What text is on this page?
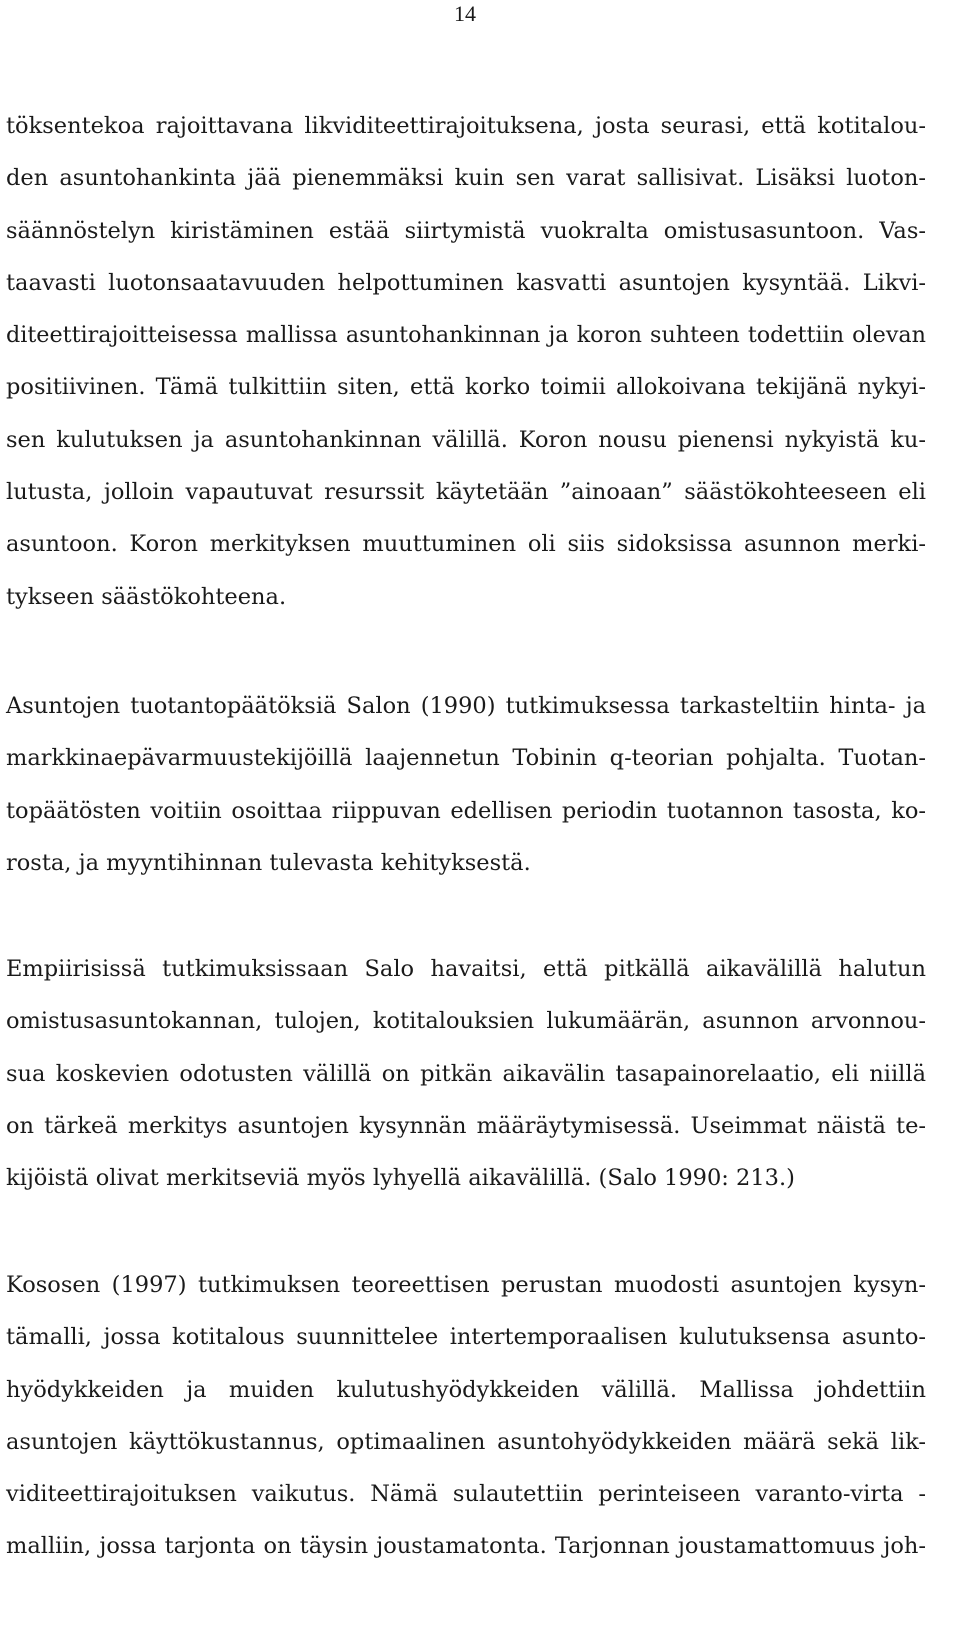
14
töksentekoa rajoittavana likviditeettirajoituksena, josta seurasi, että kotitalou-
den asuntohankinta jää pienemmäksi kuin sen varat sallisivat. Lisäksi luoton-
säännöstelyn kiristäminen estää siirtymistä vuokralta omistusasuntoon. Vas-
taavasti luotonsaatavuuden helpottuminen kasvatti asuntojen kysyntää. Likvi-
diteettirajoitteisessa mallissa asuntohankinnan ja koron suhteen todettiin olevan
positiivinen. Tämä tulkittiin siten, että korko toimii allokoivana tekijänä nykyi-
sen kulutuksen ja asuntohankinnan välillä. Koron nousu pienensi nykyistä ku-
lutusta, jolloin vapautuvat resurssit käytetään ”ainoaan” säästökohteeseen eli
asuntoon. Koron merkityksen muuttuminen oli siis sidoksissa asunnon merki-
tykseen säästökohteena.
Asuntojen tuotantopäätöksiä Salon (1990) tutkimuksessa tarkasteltiin hinta- ja
markkinaepävarmuustekijöillä laajennetun Tobinin q-teorian pohjalta. Tuotan-
topäätösten voitiin osoittaa riippuvan edellisen periodin tuotannon tasosta, ko-
rosta, ja myyntihinnan tulevasta kehityksestä.
Empiirisissä tutkimuksissaan Salo havaitsi, että pitkällä aikavälillä halutun
omistusasuntokannan, tulojen, kotitalouksien lukumäärän, asunnon arvonnou-
sua koskevien odotusten välillä on pitkän aikavälin tasapainorelaatio, eli niillä
on tärkeä merkitys asuntojen kysynnän määräytymisessä. Useimmat näistä te-
kijöistä olivat merkitseviä myös lyhyellä aikavälillä. (Salo 1990: 213.)
Kososen (1997) tutkimuksen teoreettisen perustan muodosti asuntojen kysyn-
tämalli, jossa kotitalous suunnittelee intertemporaalisen kulutuksensa asunto-
hyödykkeiden ja muiden kulutushyödykkeiden välillä. Mallissa johdettiin
asuntojen käyttökustannus, optimaalinen asuntohyödykkeiden määrä sekä lik-
viditeettirajoituksen vaikutus. Nämä sulautettiin perinteiseen varanto-virta -
malliin, jossa tarjonta on täysin joustamatonta. Tarjonnan joustamattomuus joh-
